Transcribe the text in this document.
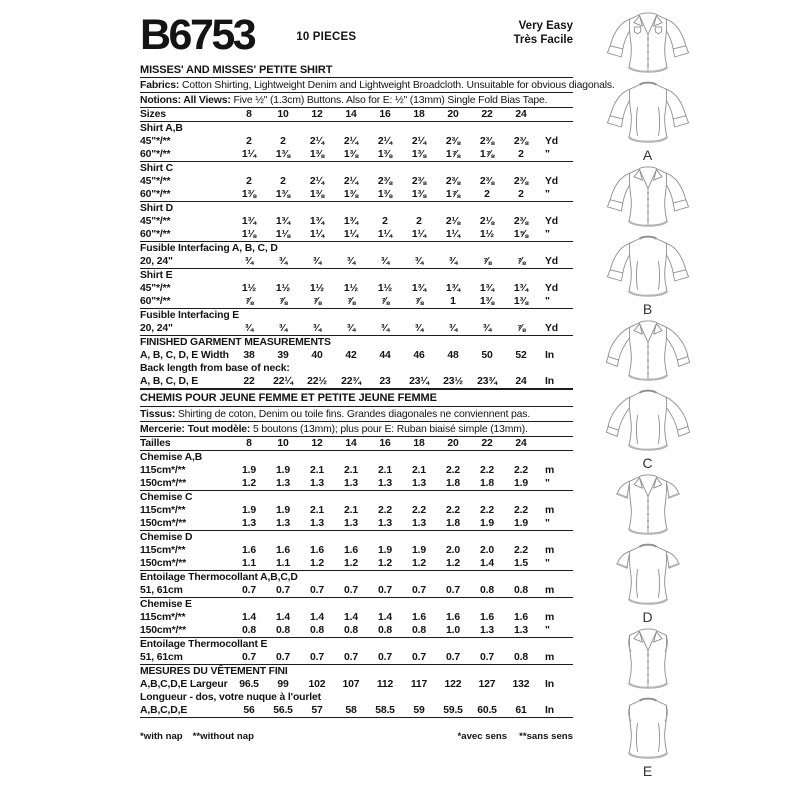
B6753	10 PIECES
Very Easy
Très Facile
MISSES' AND MISSES' PETITE SHIRT
Fabrics: Cotton Shirting, Lightweight Denim and Lightweight Broadcloth. Unsuitable for obvious diagonals.
Notions: All Views: Five ½" (1.3cm) Buttons. Also for E: ½" (13mm) Single Fold Bias Tape.
Sizes	8	10	12	14	16	18	20	22	24
Shirt A,B
45"*/**	2	2	2¼	2¼	2¼	2¼	2⅜	2⅜	2⅜	Yd
60"*/**	1¼	1⅜	1⅜	1⅜	1⅜	1⅜	1⅞	1⅞	2	"
Shirt C
45"*/**	2	2	2¼	2¼	2⅜	2⅜	2⅜	2⅜	2⅜	Yd
60"*/**	1⅜	1⅜	1⅜	1⅜	1⅜	1⅜	1⅞	2	2	"
Shirt D
45"*/**	1¾	1¾	1¾	1¾	2	2	2⅛	2⅛	2⅜	Yd
60"*/**	1⅛	1⅛	1¼	1¼	1¼	1¼	1¼	1½	1⅝	"
Fusible Interfacing A, B, C, D
20, 24"	¾	¾	¾	¾	¾	¾	¾	⅞	⅞	Yd
Shirt E
45"*/**	1½	1½	1½	1½	1½	1¾	1¾	1¾	1¾	Yd
60"*/**	⅞	⅞	⅞	⅞	⅞	⅞	1	1⅜	1⅜	"
Fusible Interfacing E
20, 24"	¾	¾	¾	¾	¾	¾	¾	¾	⅞	Yd
FINISHED GARMENT MEASUREMENTS
A, B, C, D, E Width	38	39	40	42	44	46	48	50	52	In
Back length from base of neck:
A, B, C, D, E	22	22¼	22½	22¾	23	23¼	23½	23¾	24	In
CHEMIS POUR JEUNE FEMME ET PETITE JEUNE FEMME
Tissus: Shirting de coton, Denim ou toile fins. Grandes diagonales ne conviennent pas.
Mercerie: Tout modèle: 5 boutons (13mm); plus pour E: Ruban biaisé simple (13mm).
Tailles	8	10	12	14	16	18	20	22	24
Chemise A,B
115cm*/**	1.9	1.9	2.1	2.1	2.1	2.1	2.2	2.2	2.2	m
150cm*/**	1.2	1.3	1.3	1.3	1.3	1.3	1.8	1.8	1.9	"
Chemise C
115cm*/**	1.9	1.9	2.1	2.1	2.2	2.2	2.2	2.2	2.2	m
150cm*/**	1.3	1.3	1.3	1.3	1.3	1.3	1.8	1.9	1.9	"
Chemise D
115cm*/**	1.6	1.6	1.6	1.6	1.9	1.9	2.0	2.0	2.2	m
150cm*/**	1.1	1.1	1.2	1.2	1.2	1.2	1.2	1.4	1.5	"
Entoilage Thermocollant A,B,C,D
51, 61cm	0.7	0.7	0.7	0.7	0.7	0.7	0.7	0.8	0.8	m
Chemise E
115cm*/**	1.4	1.4	1.4	1.4	1.4	1.6	1.6	1.6	1.6	m
150cm*/**	0.8	0.8	0.8	0.8	0.8	0.8	1.0	1.3	1.3	"
Entoilage Thermocollant E
51, 61cm	0.7	0.7	0.7	0.7	0.7	0.7	0.7	0.7	0.8	m
MESURES DU VÊTEMENT FINI
A,B,C,D,E Largeur	96.5	99	102	107	112	117	122	127	132	In
Longueur - dos, votre nuque à l'ourlet
A,B,C,D,E	56	56.5	57	58	58.5	59	59.5	60.5	61	In
*with nap **without nap	*avec sens **sans sens
A
B
C
D
E
